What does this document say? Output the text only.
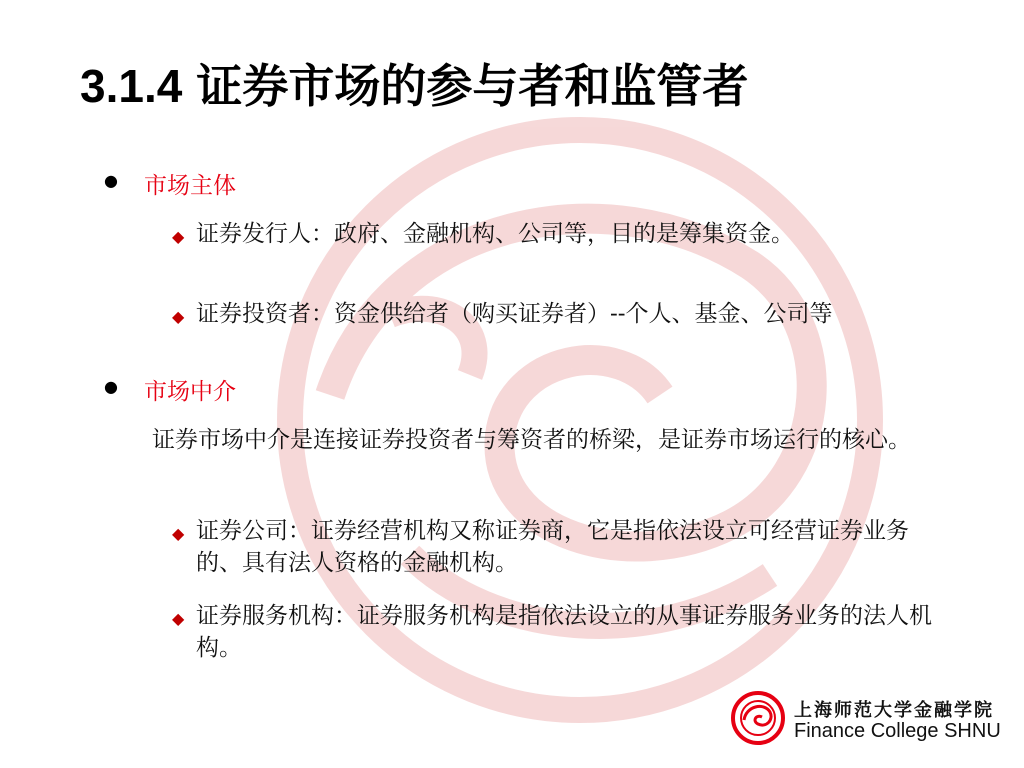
3.1.4 证券市场的参与者和监管者
● 市场主体
◆ 证券发行人：政府、金融机构、公司等，目的是筹集资金。
◆ 证券投资者：资金供给者（购买证券者）--个人、基金、公司等
● 市场中介

证券市场中介是连接证券投资者与筹资者的桥梁，是证券市场运行的核心。

◆ 证券公司：证券经营机构又称证券商，它是指依法设立可经营证券业务的、具有法人资格的金融机构。
◆ 证券服务机构：证券服务机构是指依法设立的从事证券服务业务的法人机构。
上海师范大学金融学院
Finance College SHNU
